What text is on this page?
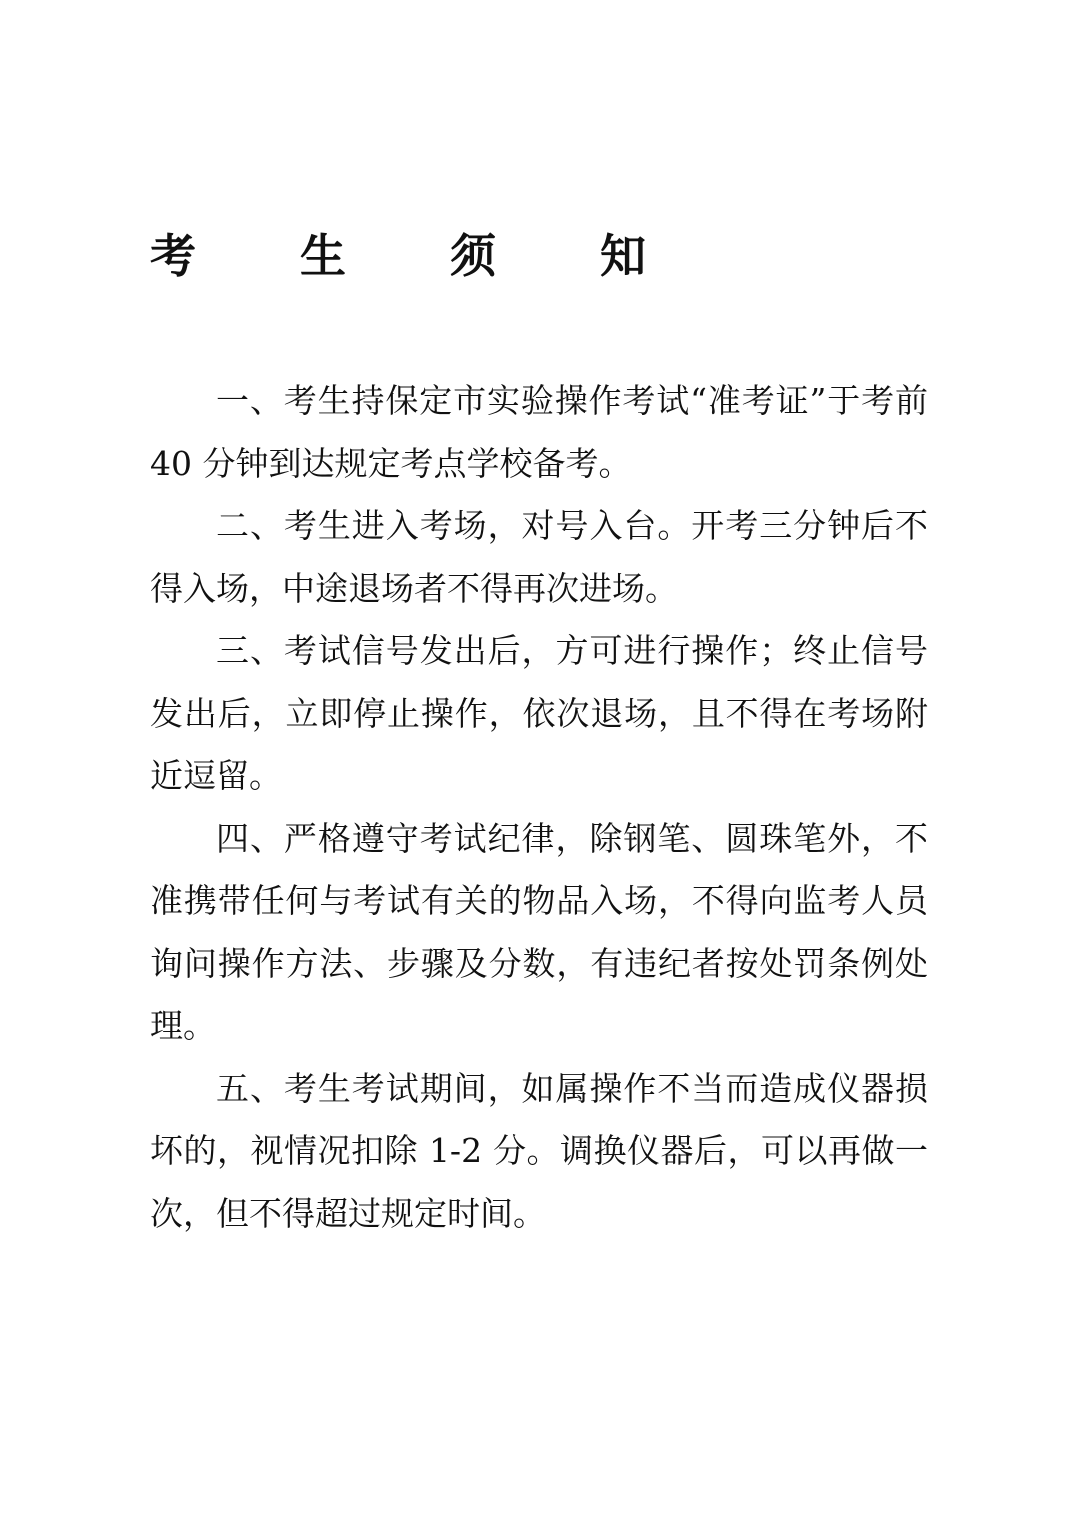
考 生 须 知

一、考生持保定市实验操作考试“准考证”于考前 40 分钟到达规定考点学校备考。

二、考生进入考场，对号入台。开考三分钟后不得入场，中途退场者不得再次进场。

三、考试信号发出后，方可进行操作；终止信号发出后，立即停止操作，依次退场，且不得在考场附近逗留。

四、严格遵守考试纪律，除钢笔、圆珠笔外，不准携带任何与考试有关的物品入场，不得向监考人员询问操作方法、步骤及分数，有违纪者按处罚条例处理。

五、考生考试期间，如属操作不当而造成仪器损坏的，视情况扣除 1-2 分。调换仪器后，可以再做一次，但不得超过规定时间。
